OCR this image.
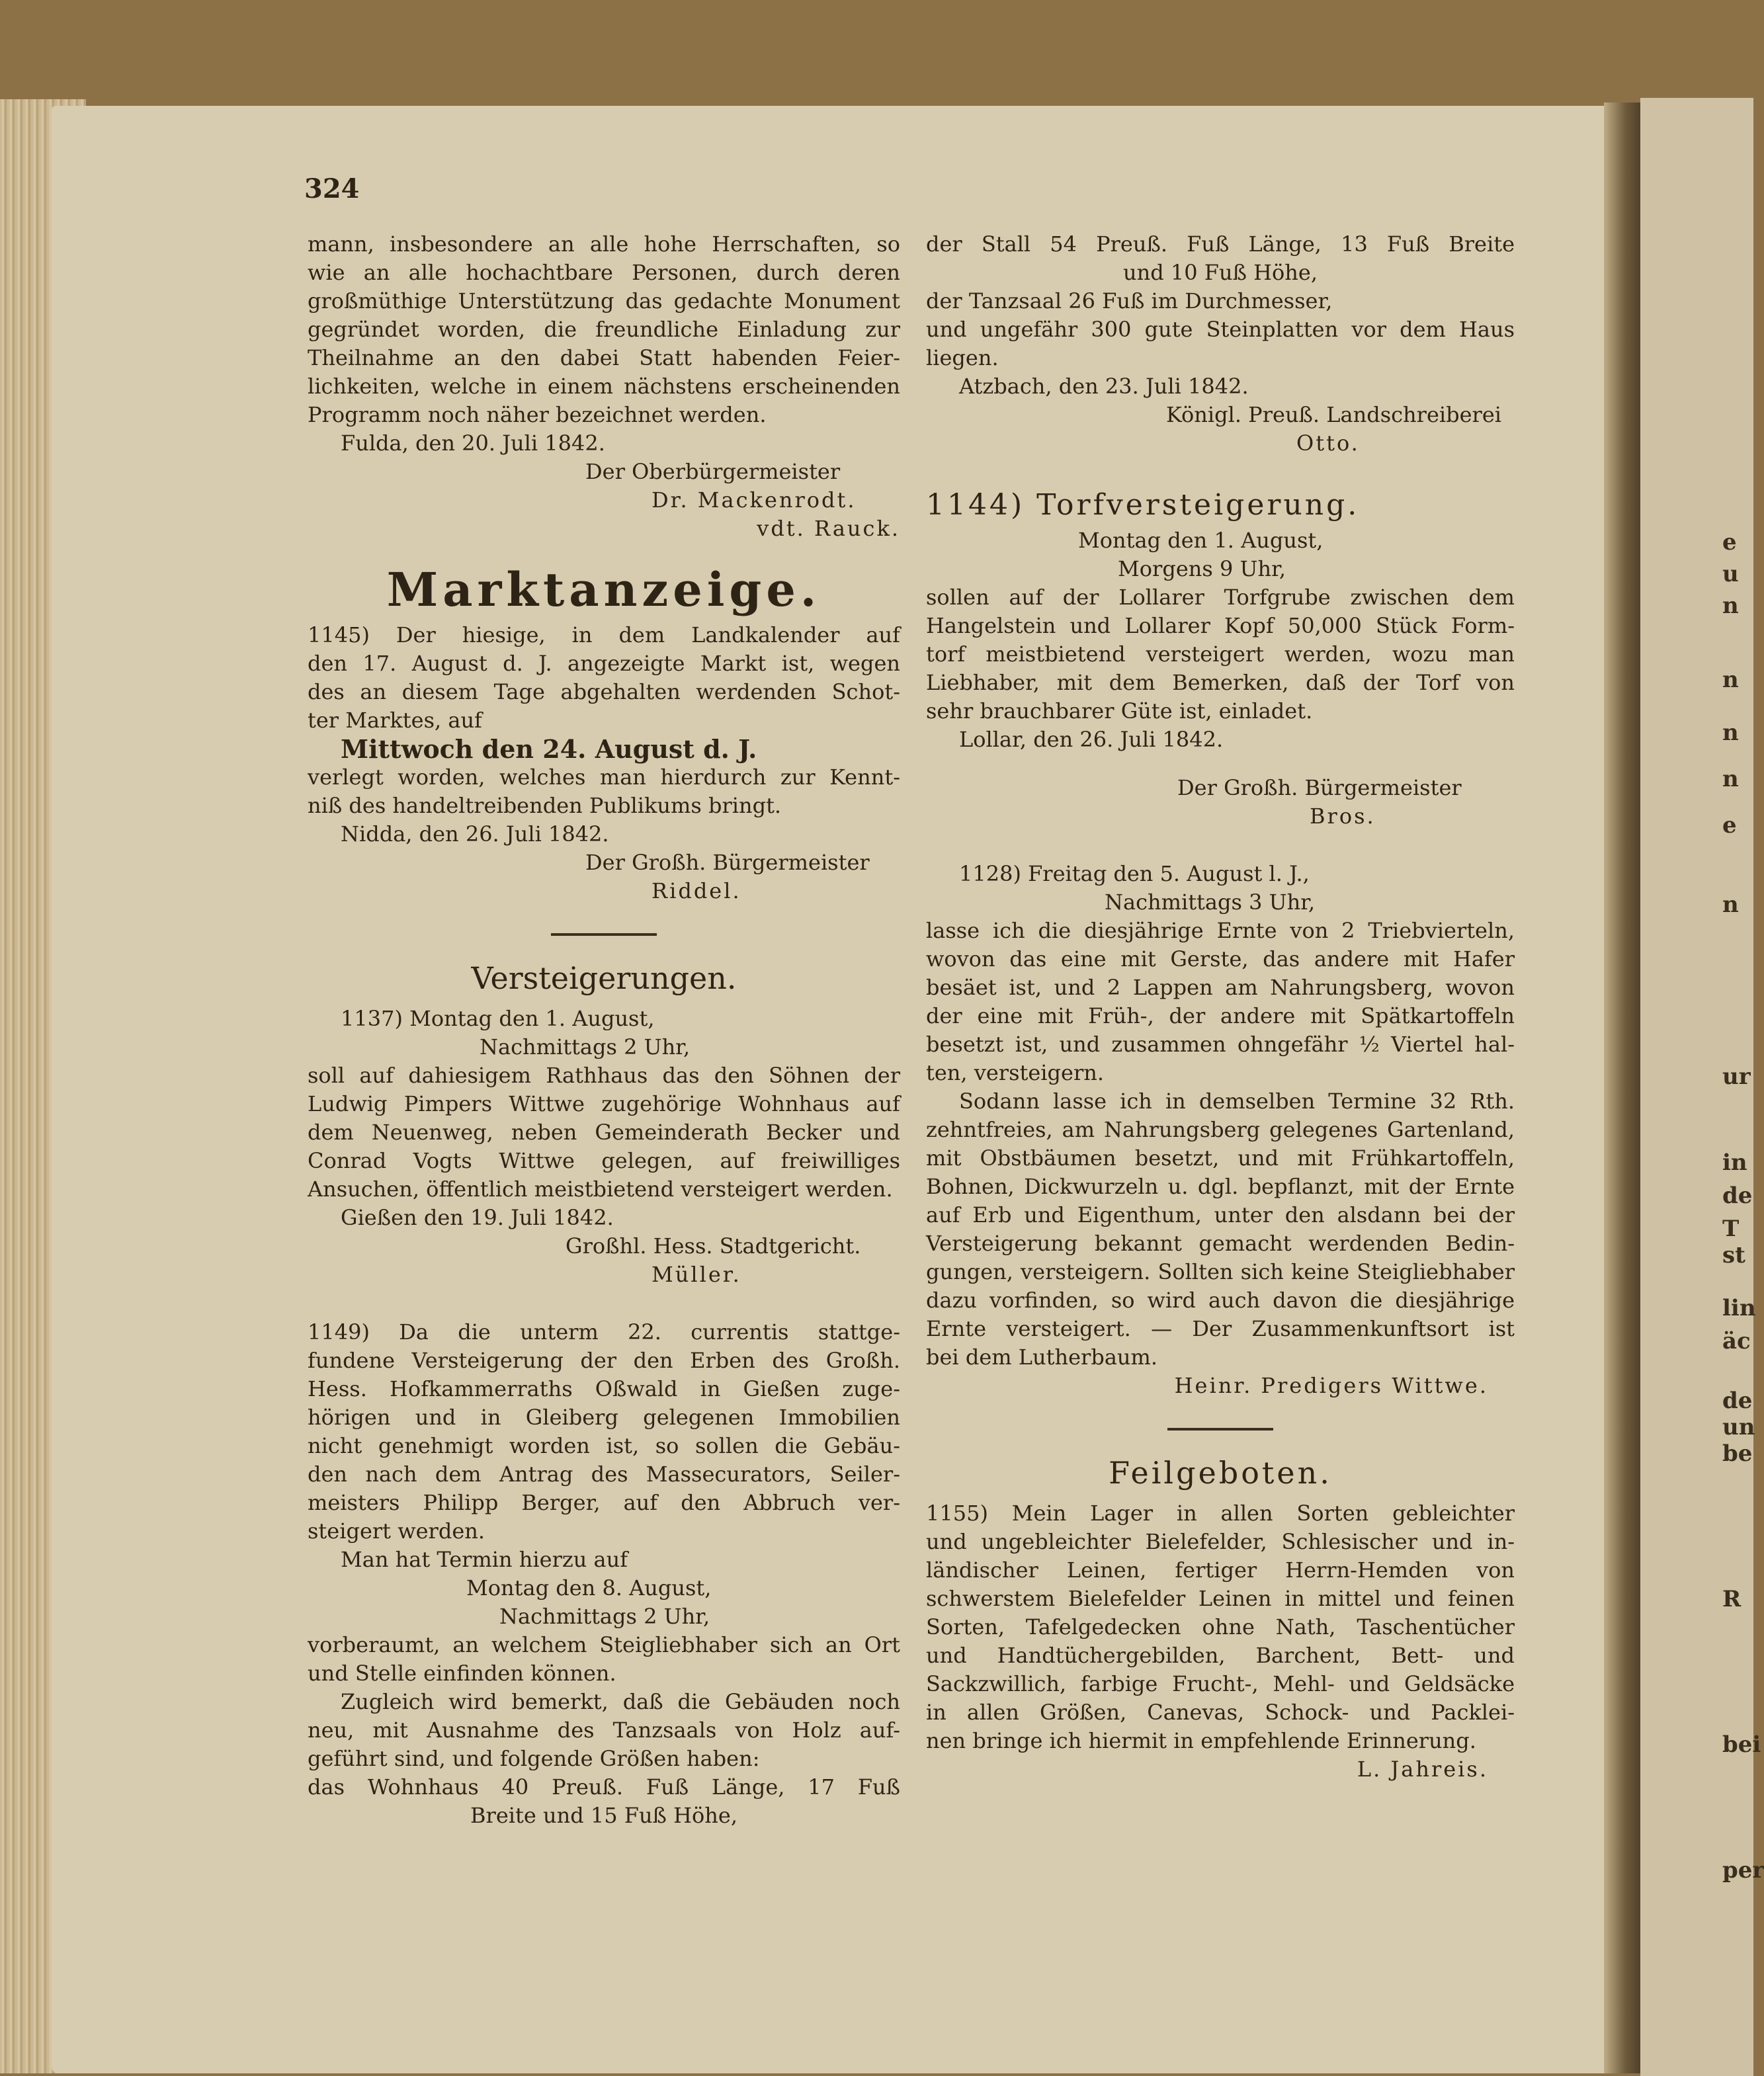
e
u
n
n
n
n
e
n
ur
in
de
T
st
lin
äc
de
un
be
R
bei
per
324

mann, insbesondere an alle hohe Herrschaften, so

wie an alle hochachtbare Personen, durch deren

großmüthige Unterstützung das gedachte Monument

gegründet worden, die freundliche Einladung zur

Theilnahme an den dabei Statt habenden Feier-

lichkeiten, welche in einem nächstens erscheinenden

Programm noch näher bezeichnet werden.

Fulda, den 20. Juli 1842.

Der Oberbürgermeister

Dr. Mackenrodt.

vdt. Rauck.

Marktanzeige.

1145) Der hiesige, in dem Landkalender auf

den 17. August d. J. angezeigte Markt ist, wegen

des an diesem Tage abgehalten werdenden Schot-

ter Marktes, auf

Mittwoch den 24. August d. J.

verlegt worden, welches man hierdurch zur Kennt-

niß des handeltreibenden Publikums bringt.

Nidda, den 26. Juli 1842.

Der Großh. Bürgermeister

Riddel.

Versteigerungen.

1137) Montag den 1. August,

Nachmittags 2 Uhr,

soll auf dahiesigem Rathhaus das den Söhnen der

Ludwig Pimpers Wittwe zugehörige Wohnhaus auf

dem Neuenweg, neben Gemeinderath Becker und

Conrad Vogts Wittwe gelegen, auf freiwilliges

Ansuchen, öffentlich meistbietend versteigert werden.

Gießen den 19. Juli 1842.

Großhl. Hess. Stadtgericht.

Müller.

1149) Da die unterm 22. currentis stattge-

fundene Versteigerung der den Erben des Großh.

Hess. Hofkammerraths Oßwald in Gießen zuge-

hörigen und in Gleiberg gelegenen Immobilien

nicht genehmigt worden ist, so sollen die Gebäu-

den nach dem Antrag des Massecurators, Seiler-

meisters Philipp Berger, auf den Abbruch ver-

steigert werden.

Man hat Termin hierzu auf

Montag den 8. August,

Nachmittags 2 Uhr,

vorberaumt, an welchem Steigliebhaber sich an Ort

und Stelle einfinden können.

Zugleich wird bemerkt, daß die Gebäuden noch

neu, mit Ausnahme des Tanzsaals von Holz auf-

geführt sind, und folgende Größen haben:

das Wohnhaus 40 Preuß. Fuß Länge, 17 Fuß

Breite und 15 Fuß Höhe,

der Stall 54 Preuß. Fuß Länge, 13 Fuß Breite

und 10 Fuß Höhe,

der Tanzsaal 26 Fuß im Durchmesser,

und ungefähr 300 gute Steinplatten vor dem Haus

liegen.

Atzbach, den 23. Juli 1842.

Königl. Preuß. Landschreiberei

Otto.

1144) Torfversteigerung.

Montag den 1. August,

Morgens 9 Uhr,

sollen auf der Lollarer Torfgrube zwischen dem

Hangelstein und Lollarer Kopf 50,000 Stück Form-

torf meistbietend versteigert werden, wozu man

Liebhaber, mit dem Bemerken, daß der Torf von

sehr brauchbarer Güte ist, einladet.

Lollar, den 26. Juli 1842.

Der Großh. Bürgermeister

Bros.

1128) Freitag den 5. August l. J.,

Nachmittags 3 Uhr,

lasse ich die diesjährige Ernte von 2 Triebvierteln,

wovon das eine mit Gerste, das andere mit Hafer

besäet ist, und 2 Lappen am Nahrungsberg, wovon

der eine mit Früh-, der andere mit Spätkartoffeln

besetzt ist, und zusammen ohngefähr ½ Viertel hal-

ten, versteigern.

Sodann lasse ich in demselben Termine 32 Rth.

zehntfreies, am Nahrungsberg gelegenes Gartenland,

mit Obstbäumen besetzt, und mit Frühkartoffeln,

Bohnen, Dickwurzeln u. dgl. bepflanzt, mit der Ernte

auf Erb und Eigenthum, unter den alsdann bei der

Versteigerung bekannt gemacht werdenden Bedin-

gungen, versteigern. Sollten sich keine Steigliebhaber

dazu vorfinden, so wird auch davon die diesjährige

Ernte versteigert. — Der Zusammenkunftsort ist

bei dem Lutherbaum.

Heinr. Predigers Wittwe.

Feilgeboten.

1155) Mein Lager in allen Sorten gebleichter

und ungebleichter Bielefelder, Schlesischer und in-

ländischer Leinen, fertiger Herrn-Hemden von

schwerstem Bielefelder Leinen in mittel und feinen

Sorten, Tafelgedecken ohne Nath, Taschentücher

und Handtüchergebilden, Barchent, Bett- und

Sackzwillich, farbige Frucht-, Mehl- und Geldsäcke

in allen Größen, Canevas, Schock- und Packlei-

nen bringe ich hiermit in empfehlende Erinnerung.

L. Jahreis.
